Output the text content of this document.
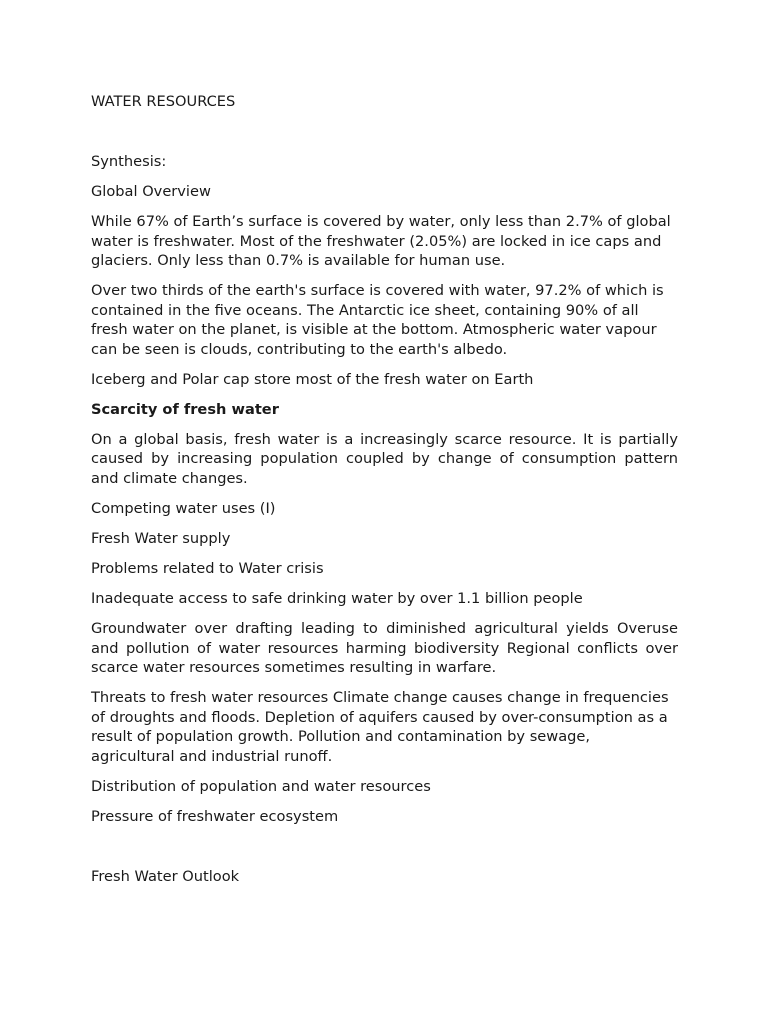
WATER RESOURCES
Synthesis:
Global Overview
While 67% of Earth’s surface is covered by water, only less than 2.7% of global water is freshwater. Most of the freshwater (2.05%) are locked in ice caps and glaciers. Only less than 0.7% is available for human use.
Over two thirds of the earth's surface is covered with water, 97.2% of which is contained in the five oceans. The Antarctic ice sheet, containing 90% of all fresh water on the planet, is visible at the bottom. Atmospheric water vapour can be seen is clouds, contributing to the earth's albedo.
Iceberg and Polar cap store most of the fresh water on Earth
Scarcity of fresh water
On a global basis, fresh water is a increasingly scarce resource. It is partially caused by increasing population coupled by change of consumption pattern and climate changes.
Competing water uses (I)
Fresh Water supply
Problems related to Water crisis
Inadequate access to safe drinking water by over 1.1 billion people
Groundwater over drafting leading to diminished agricultural yields Overuse and pollution of water resources harming biodiversity Regional conflicts over scarce water resources sometimes resulting in warfare.
Threats to fresh water resources Climate change causes change in frequencies of droughts and floods. Depletion of aquifers caused by over-consumption as a result of population growth. Pollution and contamination by sewage, agricultural and industrial runoff.
Distribution of population and water resources
Pressure of freshwater ecosystem
Fresh Water Outlook
